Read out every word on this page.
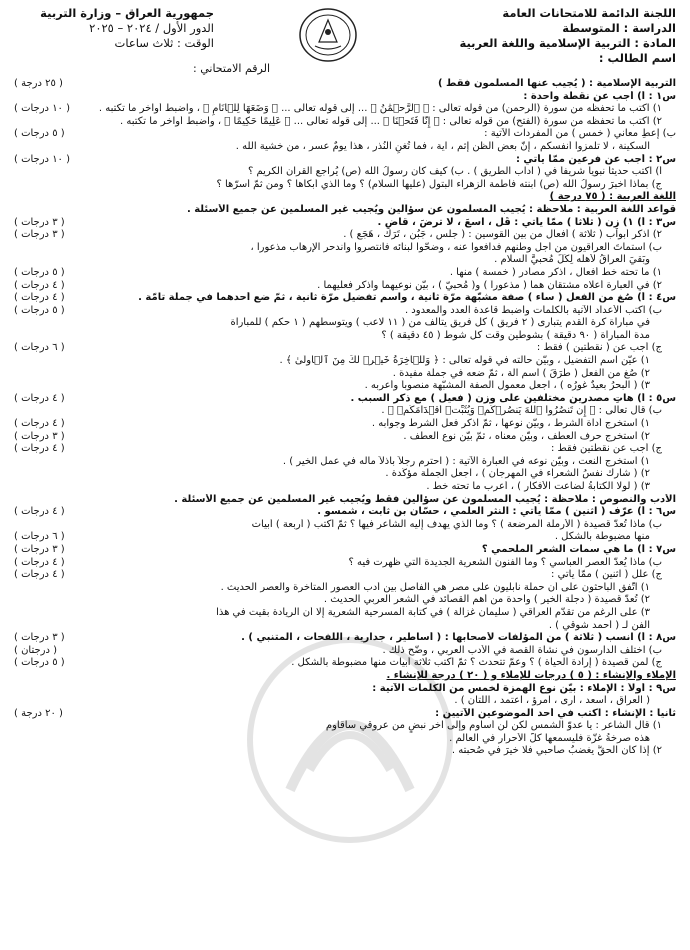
اللجنة الدائمة للامتحانات العامة
الدراسة : المتوسطة
المادة : التربية الإسلامية واللغة العربية
اسم الطالب :
جمهورية العراق – وزارة التربية
الدور الأول / ٢٠٢٤ – ٢٠٢٥
الوقت : ثلاث ساعات
الرقم الامتحاني :
التربية الإسلامية : ( يُجيب عنها المسلمون فقط )
( ٢٥ درجة )
س١ : أ) أجب عن نقطة واحدة :
١) اكتب ما تحفظه من سورة (الرحمن) من قوله تعالى : ﴿ ٱلرَّحۡمَٰنُ ﴾ ... إلى قوله تعالى ... ﴿ وَضَعَهَا لِلۡأَنَامِ ﴾ ، واضبط أواخر ما تكتبه .
( ١٠ درجات )
٢) اكتب ما تحفظه من سورة (الفتح) من قوله تعالى : ﴿ إِنَّا فَتَحۡنَا ﴾ ... إلى قوله تعالى ... ﴿ عَلِيمًا حَكِيمًا ﴾ ، واضبط أواخر ما تكتبه .
ب) إعطِ معاني ( خمس ) من المفردات الآتية :
( ٥ درجات )
السكينة ، لا تلمزوا أنفسكم ، إنّ بعض الظن إثم ، آية ، فما تُغنِ النُذر ، هذا يومٌ عسر ، من خشية الله .
س٢ : أجب عن فرعين ممّا يأتي :
( ١٠ درجات )
أ) اكتب حديثاً نبوياً شريفاً في ( آداب الطريق ) . ب) كيف كان رسولُ الله (ص) يُراجع القرآن الكريم ؟
ج) بماذا أخبرَ رسولُ الله (ص) ابنته فاطمة الزهراء البتول (عليها السلام) ؟ وما الذي أبكاها ؟ ومن ثمّ أسرّها ؟
اللغة العربية : ( ٧٥ درجة )
قواعد اللغة العربية : ملاحظة : يُجيب المسلمون عن سؤالين ويُجيب غير المسلمين عن جميع الأسئلة .
س٣ : أ) ١) زِن ( ثلاثاً ) ممّا يأتي : قُل ، اسعَ ، لا ترضَ ، قاضٍ .
( ٣ درجات )
٢) اذكر أبواب ( ثلاثة ) أفعال من بين القوسين : ( جلس ، جَبُن ، تَرَك ، هَجَع ) .
( ٣ درجات )
ب) استماتَ العراقيون من أجل وطنهم فدافعوا عنه ، وضحّوا لبنائه فانتصروا واندحر الإرهاب مذعوراً ،
وبَقيَ العراقُ لأهله لِكُلٍّ مُحبيَّ السلام .
١) ما تحته خط أفعال ، اذكر مصادر ( خمسة ) منها .
( ٥ درجات )
٢) في العبارة أعلاه مشتقان هما ( مذعوراً ) و( مُحبيّ ) ، بيّن نوعيهما واذكر فعليهما .
( ٤ درجات )
س٤ : أ) صُغ من الفعل ( ساء ) صفة مشبّهة مرّة ثانية ، واسم تفضيل مرّة ثانية ، ثمّ ضع أحدهما في جملة تامّة .
( ٤ درجات )
ب) اكتب الأعداد الآتية بالكلمات واضبط قاعدة العدد والمعدود .
( ٥ درجات )
في مباراة كرة القدم يتبارى ( ٢ فريق ) كل فريق يتألّف من ( ١١ لاعب ) ويتوسطهم ( ١ حكم ) للمباراة
مدة المباراة ( ٩٠ دقيقة ) بشوطين وقت كل شوط ( ٤٥ دقيقة ) ؟
ج) أجب عن ( نقطتين ) فقط :
( ٦ درجات )
١) عيّن اسم التفضيل ، وبيّن حالته في قوله تعالى : ﴿ وَلَلۡأٓخِرَةُ خَيۡرٞ لَّكَ مِنَ ٱلۡأُولَىٰ ﴾ .
٢) صُغ من الفعل ( طَرَقَ ) اسم آلة ، ثمّ ضعه في جملة مفيدة .
٣) ( البحرُ بعيدٌ غورُه ) ، اجعل معمول الصفة المشبّهة منصوباً وأعربه .
س٥ : أ) هاتِ مصدرين مختلفين على وزن ( فعيل ) مع ذكر السبب .
( ٤ درجات )
ب) قال تعالى : ﴿ إِن تَنصُرُواْ ٱللَّهَ يَنصُرۡكُمۡ وَيُثَبِّتۡ أَقۡدَامَكُمۡ ﴾ .
١) استخرج أداة الشرط ، وبيّن نوعها ، ثمّ اذكر فعل الشرط وجوابه .
( ٤ درجات )
٢) استخرج حرف العطف ، وبيّن معناه ، ثمّ بيّن نوع العطف .
( ٣ درجات )
ج) أجب عن نقطتين فقط :
( ٤ درجات )
١) استخرج النعت ، وبيّن نوعه في العبارة الآتية : ( احترم رجلاً باذلاً ماله في عمل الخير ) .
٢) ( شارك نفسُ الشعراء في المهرجان ) ، اجعل الجملة مؤكّدة .
٣) ( لولا الكتابةُ لضاعت الأفكار ) ، أعرب ما تحته خط .
الأدب والنصوص : ملاحظة : يُجيب المسلمون عن سؤالين فقط ويُجيب غير المسلمين عن جميع الأسئلة .
س٦ : أ) عرّف ( اثنين ) ممّا يأتي : النثر العلمي ، حسّان بن ثابت ، شمسو .
( ٤ درجات )
ب) ماذا تُعدّ قصيدة ( الأرملة المرضعة ) ؟ وما الذي يهدف إليه الشاعر فيها ؟ ثمّ اكتب ( أربعة ) أبيات
منها مضبوطة بالشكل .
( ٦ درجات )
س٧ : أ) ما هي سمات الشعر الملحمي ؟
( ٣ درجات )
ب) ماذا يُعدّ العصر العباسي ؟ وما الفنون الشعرية الجديدة التي ظهرت فيه ؟
( ٤ درجات )
ج) علّل ( اثنين ) ممّا يأتي :
( ٤ درجات )
١) اتّفق الباحثون على أن حملة نابليون على مصر هي الفاصل بين أدب العصور المتأخرة والعصر الحديث .
٢) تُعدّ قصيدة ( دجلة الخير ) واحدة من أهم القصائد في الشعر العربي الحديث .
٣) على الرغم من تقدّم العراقي ( سليمان غزالة ) في كتابة المسرحية الشعرية إلّا أن الريادة بقيت في هذا
الفن لـ ( أحمد شوقي ) .
س٨ : أ) انسب ( ثلاثة ) من المؤلفات لأصحابها : ( أساطير ، جدارية ، اللفحات ، المتنبي ) .
( ٣ درجات )
ب) اختلف الدارسون في نشأة القصة في الأدب العربي ، وضّح ذلك .
( درجتان )
ج) لمن قصيدة ( إرادة الحياة ) ؟ وعمّ تتحدث ؟ ثمّ اكتب ثلاثة أبيات منها مضبوطة بالشكل .
( ٥ درجات )
الإملاء والإنشاء : ( ٥ ) درجات للإملاء و ( ٢٠ ) درجة للإنشاء .
س٩ : أولاً : الإملاء : بيّن نوع الهمزة لخمس من الكلمات الآتية :
( العراق ، اسعد ، ارى ، امرؤ ، اعتمد ، اللتان ) .
ثانياً : الإنشاء : اكتب في أحد الموضوعين الآتيين :
( ٢٠ درجة )
١) قال الشاعر : يا عدوّ الشمس لكن لن أساوم وإلى آخر نبضٍ من عروقي سأقاوم
هذه صرخةُ غزّة فليسمعها كلُّ الأحرار في العالم .
٢) إذا كان الحقُّ يغضبُ صاحبي فلا خيرَ في صُحبته .
